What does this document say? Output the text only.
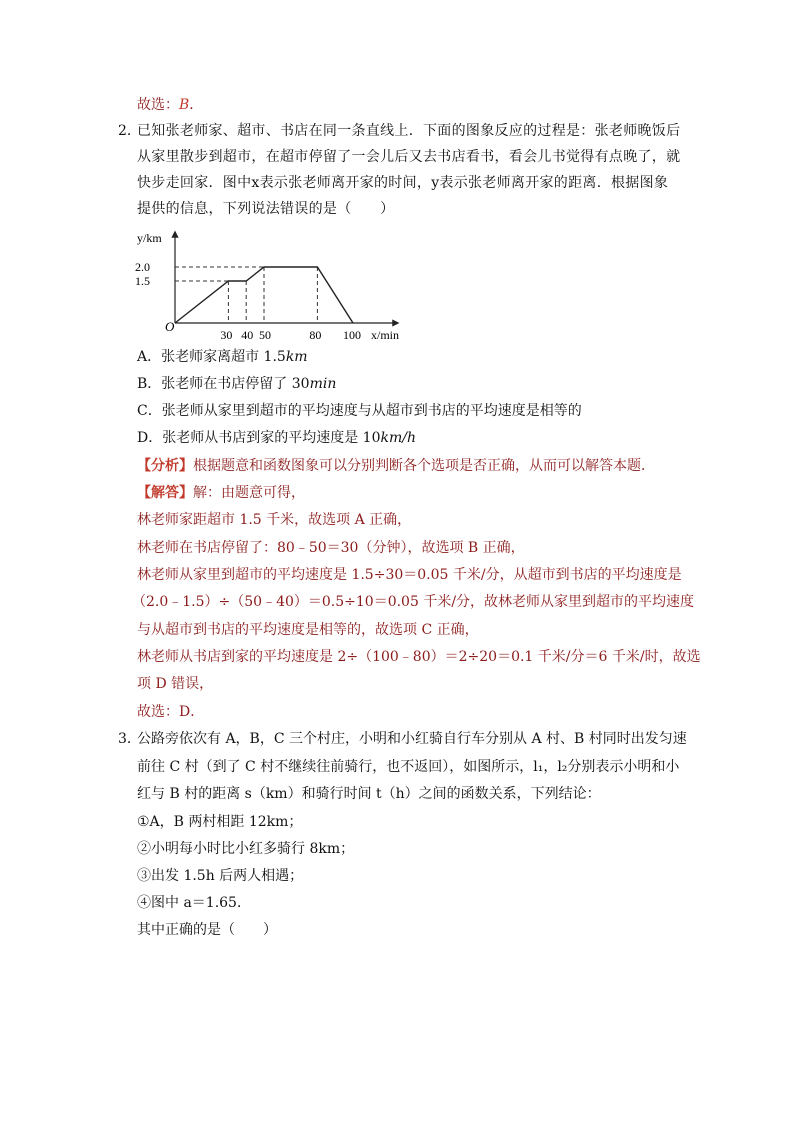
故选：B．
2．
已知张老师家、超市、书店在同一条直线上．下面的图象反应的过程是：张老师晚饭后从家里散步到超市，在超市停留了一会儿后又去书店看书，看会儿书觉得有点晚了，就快步走回家．图中x表示张老师离开家的时间，y表示张老师离开家的距离．根据图象提供的信息，下列说法错误的是（　　）
O
y/km
x/min
2.0
1.5
30 40 50	80 100
A．张老师家离超市 1.5km
B．张老师在书店停留了 30min
C．张老师从家里到超市的平均速度与从超市到书店的平均速度是相等的
D．张老师从书店到家的平均速度是 10km/h
【分析】根据题意和函数图象可以分别判断各个选项是否正确，从而可以解答本题．
【解答】解：由题意可得，
林老师家距超市 1.5 千米，故选项 A 正确，
林老师在书店停留了：80﹣50＝30（分钟），故选项 B 正确，
林老师从家里到超市的平均速度是 1.5÷30＝0.05 千米/分，从超市到书店的平均速度是
（2.0﹣1.5）÷（50﹣40）＝0.5÷10＝0.05 千米/分，故林老师从家里到超市的平均速度
与从超市到书店的平均速度是相等的，故选项 C 正确，
林老师从书店到家的平均速度是 2÷（100﹣80）＝2÷20＝0.1 千米/分＝6 千米/时，故选
项 D 错误，
故选：D．
3．
公路旁依次有 A，B，C 三个村庄，小明和小红骑自行车分别从 A 村、B 村同时出发匀速
前往 C 村（到了 C 村不继续往前骑行，也不返回），如图所示，l₁，l₂分别表示小明和小
红与 B 村的距离 s（km）和骑行时间 t（h）之间的函数关系，下列结论：
①A，B 两村相距 12km；
②小明每小时比小红多骑行 8km；
③出发 1.5h 后两人相遇；
④图中 a＝1.65．
其中正确的是（　　）
